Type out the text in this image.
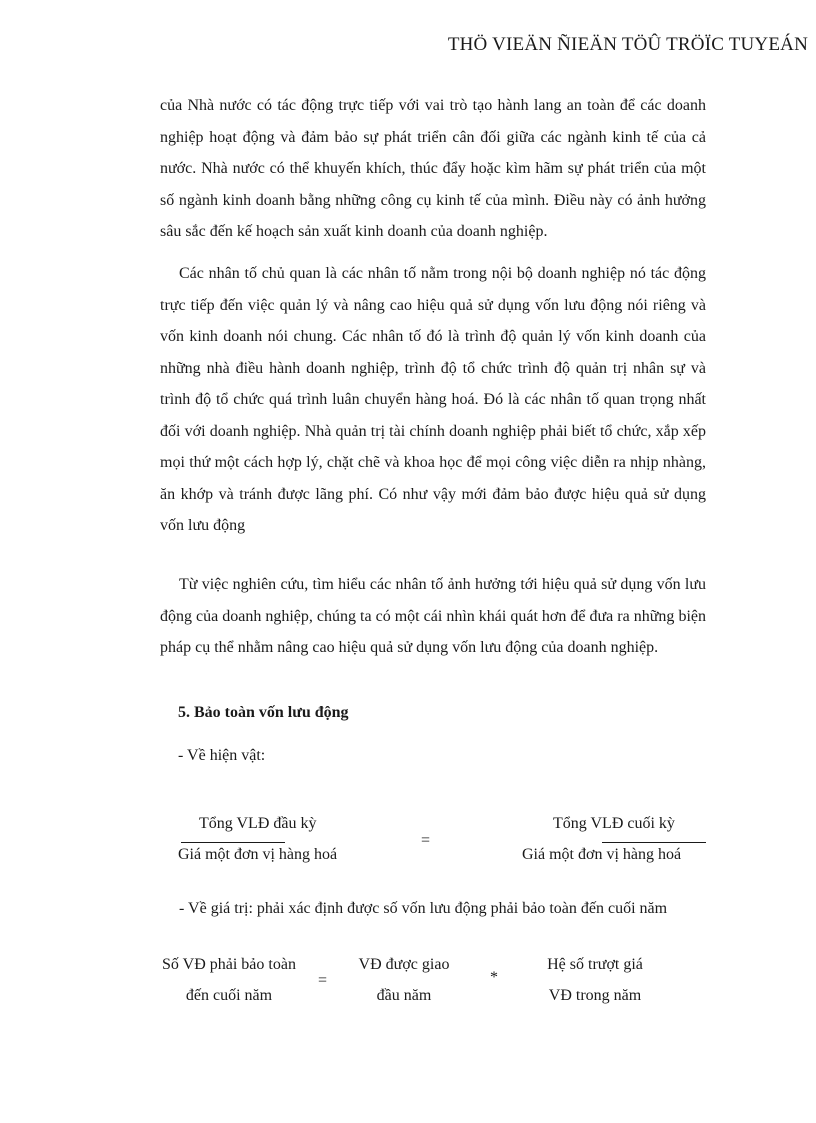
THÖ VIEÄN ÑIEÄN TÖÛ TRÖÏC TUYEÁN

của Nhà nước có tác động trực tiếp với vai trò tạo hành lang an toàn để các doanh nghiệp hoạt động và đảm bảo sự phát triển cân đối giữa các ngành kinh tế của cả nước. Nhà nước có thể khuyến khích, thúc đẩy hoặc kìm hãm sự phát triển của một số ngành kinh doanh bằng những công cụ kinh tế của mình. Điều này có ảnh hưởng sâu sắc đến kế hoạch sản xuất kinh doanh của doanh nghiệp.

Các nhân tố chủ quan là các nhân tố nằm trong nội bộ doanh nghiệp nó tác động trực tiếp đến việc quản lý và nâng cao hiệu quả sử dụng vốn lưu động nói riêng và vốn kinh doanh nói chung. Các nhân tố đó là trình độ quản lý vốn kinh doanh của những nhà điều hành doanh nghiệp, trình độ tổ chức trình độ quản trị nhân sự và trình độ tổ chức quá trình luân chuyển hàng hoá. Đó là các nhân tố quan trọng nhất đối với doanh nghiệp. Nhà quản trị tài chính doanh nghiệp phải biết tổ chức, xắp xếp mọi thứ một cách hợp lý, chặt chẽ và khoa học để mọi công việc diễn ra nhịp nhàng, ăn khớp và tránh được lãng phí. Có như vậy mới đảm bảo được hiệu quả sử dụng vốn lưu động

Từ việc nghiên cứu, tìm hiểu các nhân tố ảnh hưởng tới hiệu quả sử dụng vốn lưu động của doanh nghiệp, chúng ta có một cái nhìn khái quát hơn để đưa ra những biện pháp cụ thể nhằm nâng cao hiệu quả sử dụng vốn lưu động của doanh nghiệp.

5. Bảo toàn vốn lưu động

- Về hiện vật:

Tổng VLĐ đầu kỳ
Giá một đơn vị hàng hoá
=
Tổng VLĐ cuối kỳ
Giá một đơn vị hàng hoá

- Về giá trị: phải xác định được số vốn lưu động phải bảo toàn đến cuối năm

Số VĐ phải bảo toàn
đến cuối năm
=
VĐ được giao
đầu năm
*
Hệ số trượt giá
VĐ trong năm
